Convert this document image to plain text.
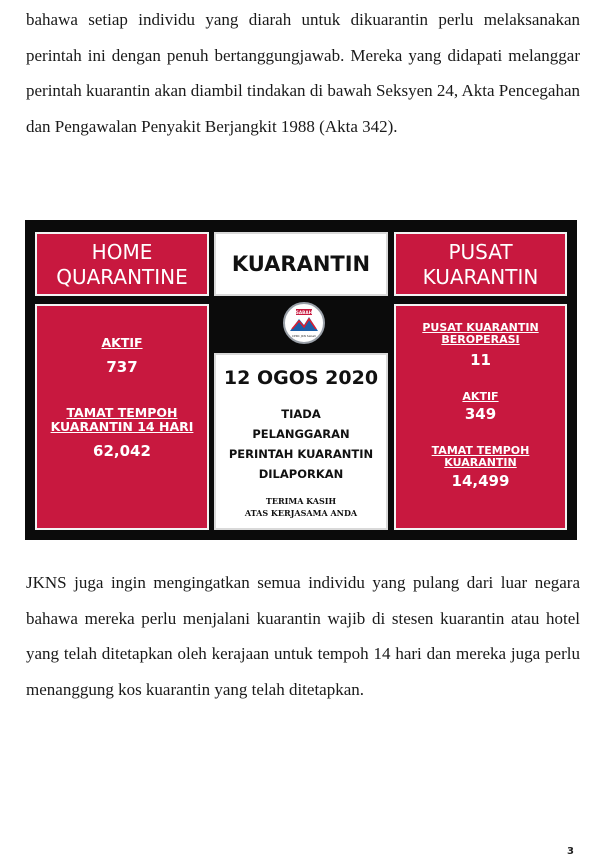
bahawa setiap individu yang diarah untuk dikuarantin perlu melaksanakan perintah ini dengan penuh bertanggungjawab. Mereka yang didapati melanggar perintah kuarantin akan diambil tindakan di bawah Seksyen 24, Akta Pencegahan dan Pengawalan Penyakit Berjangkit 1988 (Akta 342).

HOME
QUARANTINE
KUARANTIN	PUSAT
KUARANTIN
AKTIF
737
TAMAT TEMPOH
KUARANTIN 14 HARI
62,042
SABAH
CPRC JKN Sabah
12 OGOS 2020
TIADA
PELANGGARAN
PERINTAH KUARANTIN
DILAPORKAN
TERIMA KASIH
ATAS KERJASAMA ANDA
PUSAT KUARANTIN
BEROPERASI
11
AKTIF
349
TAMAT TEMPOH
KUARANTIN
14,499

JKNS juga ingin mengingatkan semua individu yang pulang dari luar negara bahawa mereka perlu menjalani kuarantin wajib di stesen kuarantin atau hotel yang telah ditetapkan oleh kerajaan untuk tempoh 14 hari dan mereka juga perlu menanggung kos kuarantin yang telah ditetapkan.

3
